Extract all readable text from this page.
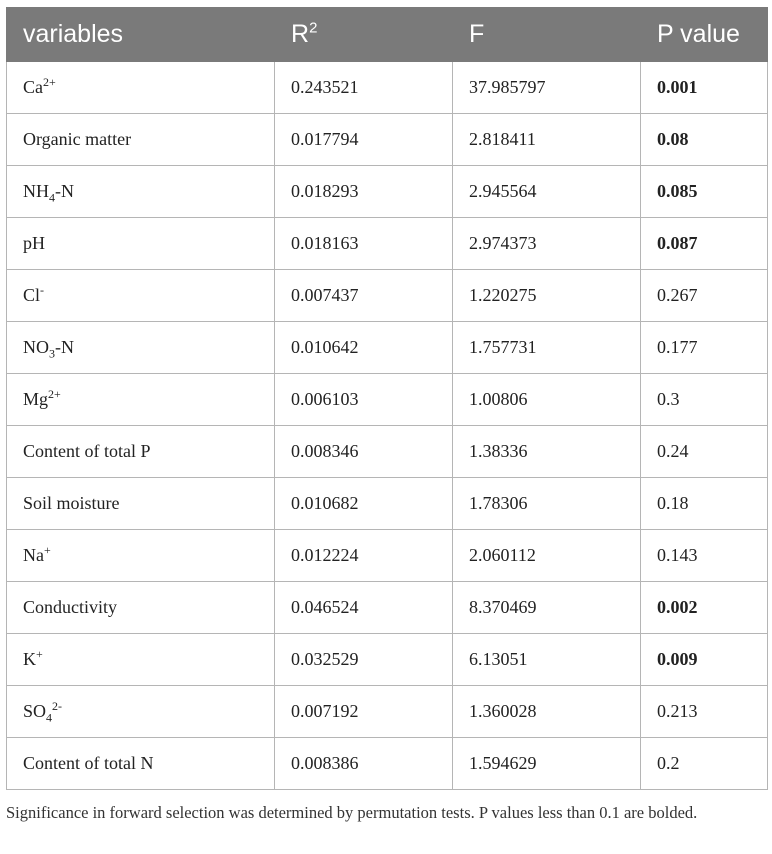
variables	$R^2$	F	P value
$Ca^{2+}$	0.243521	37.985797	0.001
Organic matter	0.017794	2.818411	0.08
$NH_4-N$	0.018293	2.945564	0.085
pH	0.018163	2.974373	0.087
Cl-	0.007437	1.220275	0.267
$NO_3-N$	0.010642	1.757731	0.177
$Mg^{2+}$	0.006103	1.00806	0.3
Content of total P	0.008346	1.38336	0.24
Soil moisture	0.010682	1.78306	0.18
Na+	0.012224	2.060112	0.143
Conductivity	0.046524	8.370469	0.002
K+	0.032529	6.13051	0.009
$SO_4^{2-}$	0.007192	1.360028	0.213
Content of total N	0.008386	1.594629	0.2
Significance in forward selection was determined by permutation tests. P values less than 0.1 are bolded.
